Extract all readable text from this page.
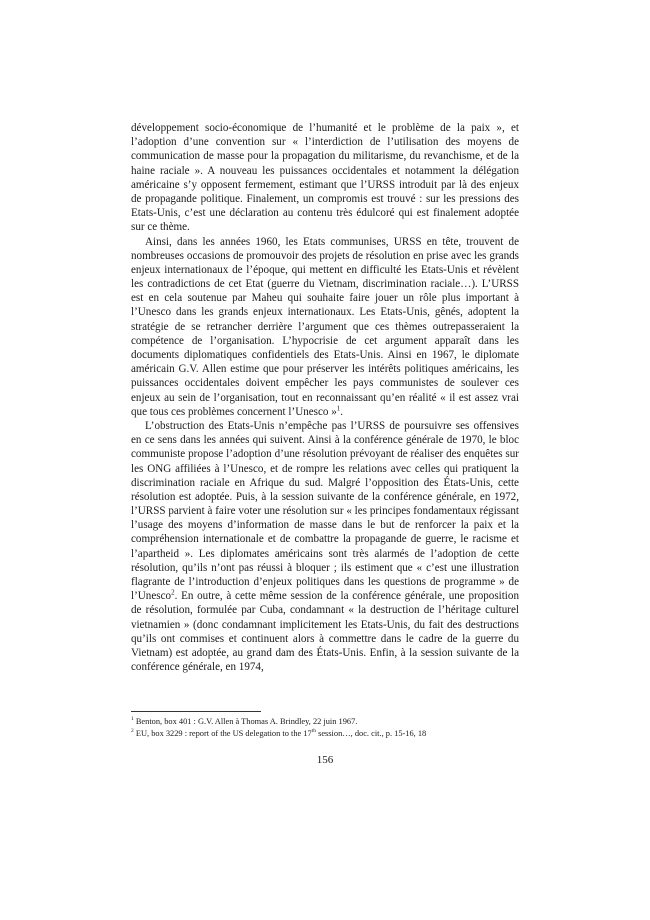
développement socio-économique de l’humanité et le problème de la paix », et l’adoption d’une convention sur « l’interdiction de l’utilisation des moyens de communication de masse pour la propagation du militarisme, du revanchisme, et de la haine raciale ». A nouveau les puissances occidentales et notamment la délégation américaine s’y opposent fermement, estimant que l’URSS introduit par là des enjeux de propagande politique. Finalement, un compromis est trouvé : sur les pressions des Etats-Unis, c’est une déclaration au contenu très édulcoré qui est finalement adoptée sur ce thème.

Ainsi, dans les années 1960, les Etats communises, URSS en tête, trouvent de nombreuses occasions de promouvoir des projets de résolution en prise avec les grands enjeux internationaux de l’époque, qui mettent en difficulté les Etats-Unis et révèlent les contradictions de cet Etat (guerre du Vietnam, discrimination raciale…). L’URSS est en cela soutenue par Maheu qui souhaite faire jouer un rôle plus important à l’Unesco dans les grands enjeux internationaux. Les Etats-Unis, gênés, adoptent la stratégie de se retrancher derrière l’argument que ces thèmes outrepasseraient la compétence de l’organisation. L’hypocrisie de cet argument apparaît dans les documents diplomatiques confidentiels des Etats-Unis. Ainsi en 1967, le diplomate américain G.V. Allen estime que pour préserver les intérêts politiques américains, les puissances occidentales doivent empêcher les pays communistes de soulever ces enjeux au sein de l’organisation, tout en reconnaissant qu’en réalité « il est assez vrai que tous ces problèmes concernent l’Unesco »$^1$.

L’obstruction des Etats-Unis n’empêche pas l’URSS de poursuivre ses offensives en ce sens dans les années qui suivent. Ainsi à la conférence générale de 1970, le bloc communiste propose l’adoption d’une résolution prévoyant de réaliser des enquêtes sur les ONG affiliées à l’Unesco, et de rompre les relations avec celles qui pratiquent la discrimination raciale en Afrique du sud. Malgré l’opposition des États-Unis, cette résolution est adoptée. Puis, à la session suivante de la conférence générale, en 1972, l’URSS parvient à faire voter une résolution sur « les principes fondamentaux régissant l’usage des moyens d’information de masse dans le but de renforcer la paix et la compréhension internationale et de combattre la propagande de guerre, le racisme et l’apartheid ». Les diplomates américains sont très alarmés de l’adoption de cette résolution, qu’ils n’ont pas réussi à bloquer ; ils estiment que « c’est une illustration flagrante de l’introduction d’enjeux politiques dans les questions de programme » de l’Unesco$^2$. En outre, à cette même session de la conférence générale, une proposition de résolution, formulée par Cuba, condamnant « la destruction de l’héritage culturel vietnamien » (donc condamnant implicitement les Etats-Unis, du fait des destructions qu’ils ont commises et continuent alors à commettre dans le cadre de la guerre du Vietnam) est adoptée, au grand dam des États-Unis. Enfin, à la session suivante de la conférence générale, en 1974,

$^1$ Benton, box 401 : G.V. Allen à Thomas A. Brindley, 22 juin 1967.
$^2$ EU, box 3229 : report of the US delegation to the 17th session…, doc. cit., p. 15-16, 18
156
